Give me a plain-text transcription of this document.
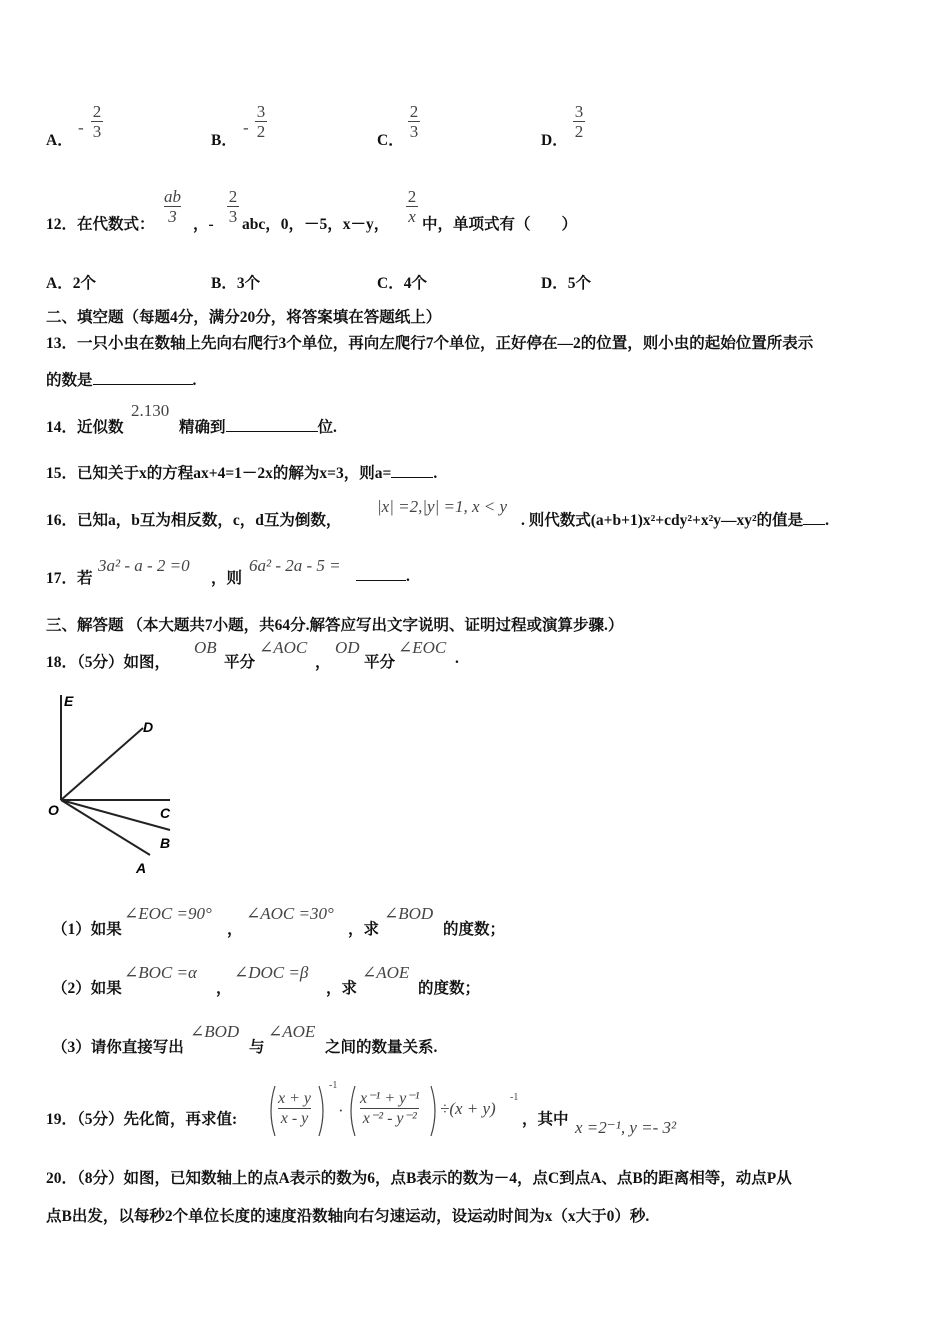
A．
-
2
3	B．
-
3
2	C．
2
3	D．
3
2
12．在代数式：
ab
3 ，-
2
3 abc，0，－5，x－y，
2
x 中，单项式有（　　）
A．2个	B．3个	C．4个	D．5个
二、填空题（每题4分，满分20分，将答案填在答题纸上）
13．一只小虫在数轴上先向右爬行3个单位，再向左爬行7个单位，正好停在—2的位置，则小虫的起始位置所表示
的数是	.
14．近似数
2.130
精确到	位.
15．已知关于x的方程ax+4=1－2x的解为x=3，则a=	.
16．已知a，b互为相反数，c，d互为倒数，
|x| =2,|y| =1, x < y
. 则代数式(a+b+1)x²+cdy²+x²y—xy²的值是 .
17．若
3a² - a - 2 =0
，则
6a² - 2a - 5 =
.
三、解答题 （本大题共7小题，共64分.解答应写出文字说明、证明过程或演算步骤.）
18．（5分）如图，
OB
平分
∠AOC
，
OD
平分
∠EOC
.
E
D
O	C
B
A
（1）如果
∠EOC =90°
，
∠AOC =30°
，求
∠BOD
的度数；
（2）如果
∠BOC =α
，
∠DOC =β
，求
∠AOE
的度数；
（3）请你直接写出
∠BOD
与
∠AOE
之间的数量关系.
19．（5分）先化简，再求值:
x + y
x - y
-1
·
x⁻¹ + y⁻¹
x⁻² - y⁻²
÷(x + y)
-1
，其中 x =2⁻¹, y =- 3²
20．（8分）如图，已知数轴上的点A表示的数为6，点B表示的数为－4，点C到点A、点B的距离相等，动点P从
点B出发，以每秒2个单位长度的速度沿数轴向右匀速运动，设运动时间为x（x大于0）秒.
